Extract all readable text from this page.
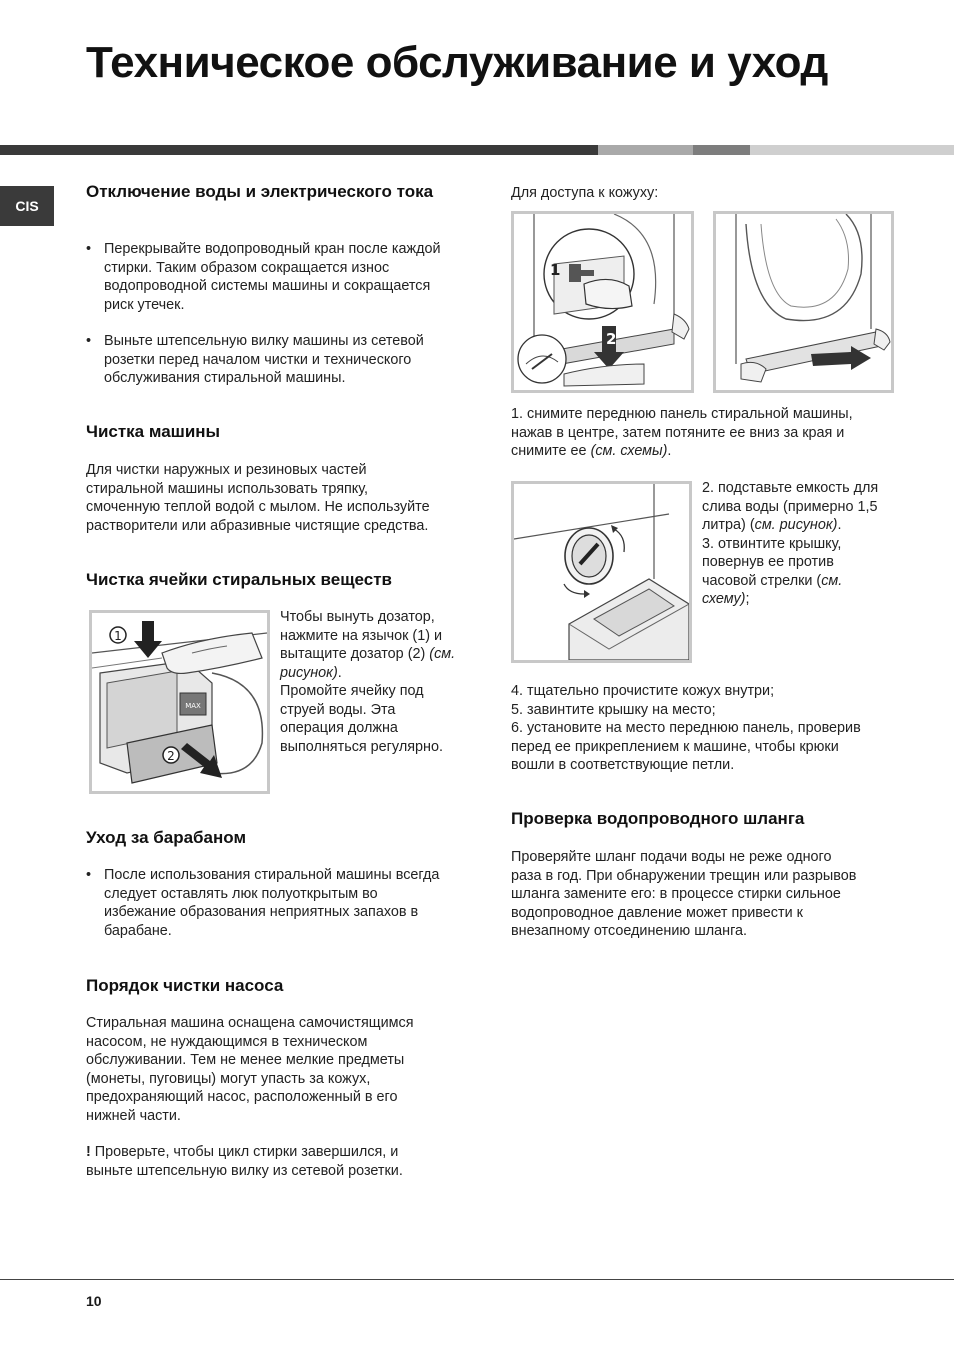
Техническое обслуживание и уход
CIS
Отключение воды и электрического тока
• Перекрывайте водопроводный кран после каждой
стирки. Таким образом сокращается износ
водопроводной системы машины и сокращается
риск утечек.
• Выньте штепсельную вилку машины из сетевой
розетки перед началом чистки и технического
обслуживания стиральной машины.
Чистка машины
Для чистки наружных и резиновых частей
стиральной машины использовать тряпку,
смоченную теплой водой с мылом. Не используйте
растворители или абразивные чистящие средства.
Чистка ячейки стиральных веществ
MAX
1
2
Чтобы вынуть дозатор,
нажмите на язычок (1) и
вытащите дозатор (2) (см.
рисунок).
Промойте ячейку под
струей воды. Эта
операция должна
выполняться регулярно.
Уход за барабаном
• После использования стиральной машины всегда
следует оставлять люк полуоткрытым во
избежание образования неприятных запахов в
барабане.
Порядок чистки насоса
Стиральная машина оснащена самочистящимся
насосом, не нуждающимся в техническом
обслуживании. Тем не менее мелкие предметы
(монеты, пуговицы) могут упасть за кожух,
предохраняющий насос, расположенный в его
нижней части.
! Проверьте, чтобы цикл стирки завершился, и
выньте штепсельную вилку из сетевой розетки.
Для доступа к кожуху:
1
2
1. снимите переднюю панель стиральной машины,
нажав в центре, затем потяните ее вниз за края и
снимите ее (см. схемы).
2. подставьте емкость для
слива воды (примерно 1,5
литра) (см. рисунок).
3. отвинтите крышку,
повернув ее против
часовой стрелки (см.
схему);
4. тщательно прочистите кожух внутри;
5. завинтите крышку на место;
6. установите на место переднюю панель, проверив
перед ее прикреплением к машине, чтобы крюки
вошли в соответствующие петли.
Проверка водопроводного шланга
Проверяйте шланг подачи воды не реже одного
раза в год. При обнаружении трещин или разрывов
шланга замените его: в процессе стирки сильное
водопроводное давление может привести к
внезапному отсоединению шланга.
10
